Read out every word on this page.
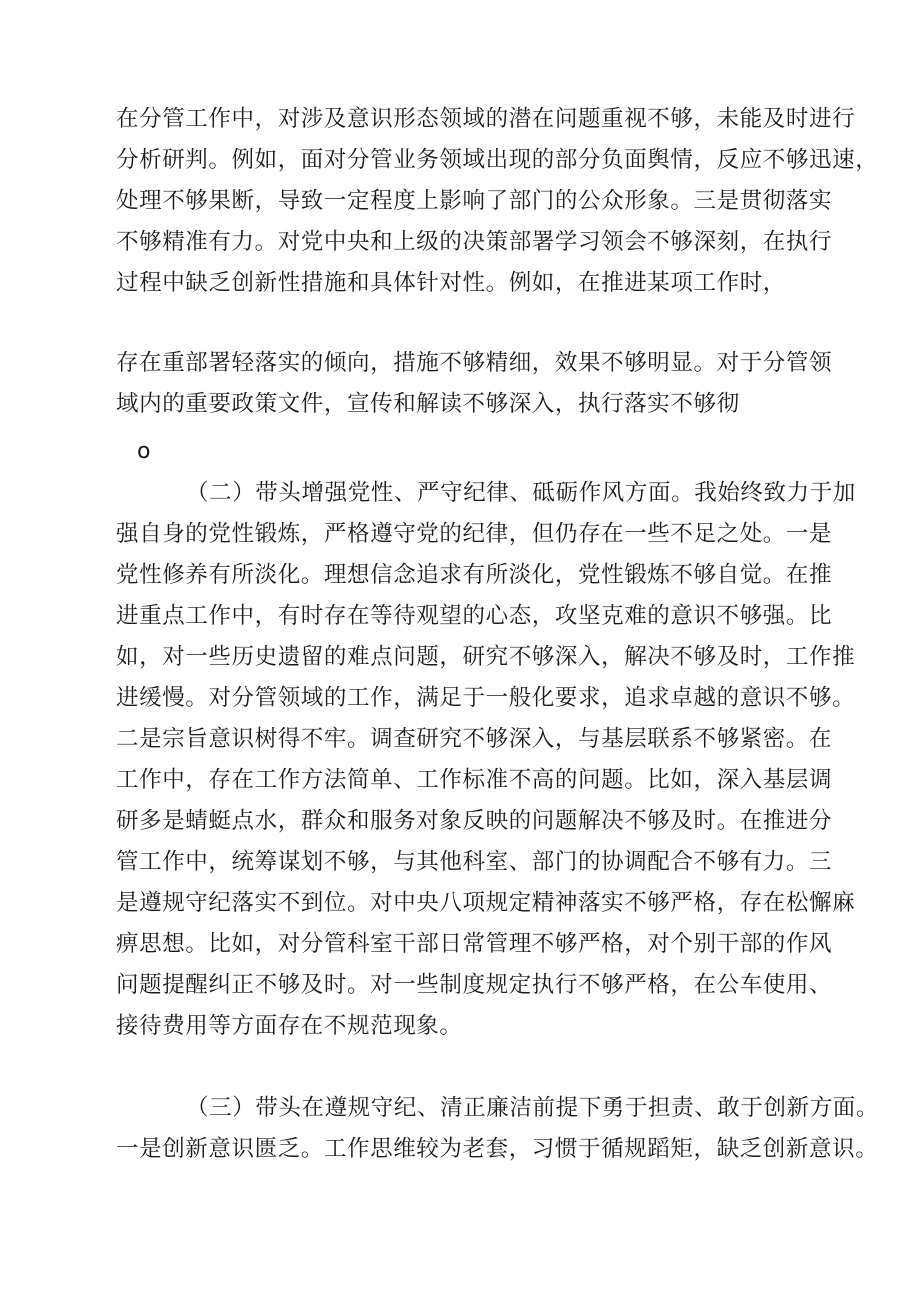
在分管工作中，对涉及意识形态领域的潜在问题重视不够，未能及时进行
分析研判。例如，面对分管业务领域出现的部分负面舆情，反应不够迅速，
处理不够果断，导致一定程度上影响了部门的公众形象。三是贯彻落实
不够精准有力。对党中央和上级的决策部署学习领会不够深刻，在执行
过程中缺乏创新性措施和具体针对性。例如，在推进某项工作时，
存在重部署轻落实的倾向，措施不够精细，效果不够明显。对于分管领
域内的重要政策文件，宣传和解读不够深入，执行落实不够彻
o
（二）带头增强党性、严守纪律、砥砺作风方面。我始终致力于加
强自身的党性锻炼，严格遵守党的纪律，但仍存在一些不足之处。一是
党性修养有所淡化。理想信念追求有所淡化，党性锻炼不够自觉。在推
进重点工作中，有时存在等待观望的心态，攻坚克难的意识不够强。比
如，对一些历史遗留的难点问题，研究不够深入，解决不够及时，工作推
进缓慢。对分管领域的工作，满足于一般化要求，追求卓越的意识不够。
二是宗旨意识树得不牢。调查研究不够深入，与基层联系不够紧密。在
工作中，存在工作方法简单、工作标准不高的问题。比如，深入基层调
研多是蜻蜓点水，群众和服务对象反映的问题解决不够及时。在推进分
管工作中，统筹谋划不够，与其他科室、部门的协调配合不够有力。三
是遵规守纪落实不到位。对中央八项规定精神落实不够严格，存在松懈麻
痹思想。比如，对分管科室干部日常管理不够严格，对个别干部的作风
问题提醒纠正不够及时。对一些制度规定执行不够严格，在公车使用、
接待费用等方面存在不规范现象。
（三）带头在遵规守纪、清正廉洁前提下勇于担责、敢于创新方面。
一是创新意识匮乏。工作思维较为老套，习惯于循规蹈矩，缺乏创新意识。
